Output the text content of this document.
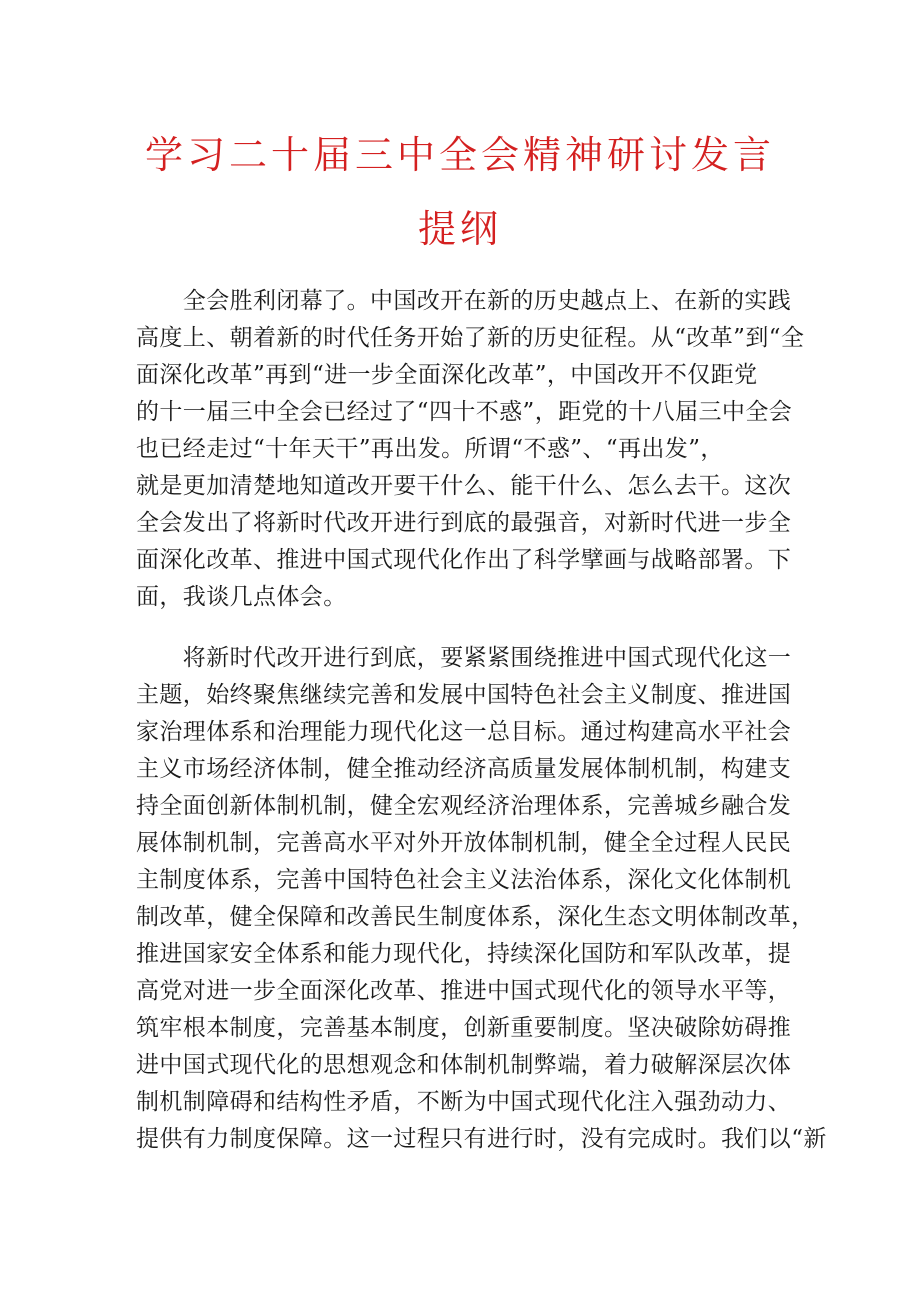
学习二十届三中全会精神研讨发言
提纲
　　全会胜利闭幕了。中国改开在新的历史越点上、在新的实践
高度上、朝着新的时代任务开始了新的历史征程。从“改革”到“全
面深化改革”再到“进一步全面深化改革”，中国改开不仅距党
的十一届三中全会已经过了“四十不惑”，距党的十八届三中全会
也已经走过“十年天干”再出发。所谓“不惑”、“再出发”，
就是更加清楚地知道改开要干什么、能干什么、怎么去干。这次
全会发出了将新时代改开进行到底的最强音，对新时代进一步全
面深化改革、推进中国式现代化作出了科学擘画与战略部署。下
面，我谈几点体会。
　　将新时代改开进行到底，要紧紧围绕推进中国式现代化这一
主题，始终聚焦继续完善和发展中国特色社会主义制度、推进国
家治理体系和治理能力现代化这一总目标。通过构建高水平社会
主义市场经济体制，健全推动经济高质量发展体制机制，构建支
持全面创新体制机制，健全宏观经济治理体系，完善城乡融合发
展体制机制，完善高水平对外开放体制机制，健全全过程人民民
主制度体系，完善中国特色社会主义法治体系，深化文化体制机
制改革，健全保障和改善民生制度体系，深化生态文明体制改革，
推进国家安全体系和能力现代化，持续深化国防和军队改革，提
高党对进一步全面深化改革、推进中国式现代化的领导水平等，
筑牢根本制度，完善基本制度，创新重要制度。坚决破除妨碍推
进中国式现代化的思想观念和体制机制弊端，着力破解深层次体
制机制障碍和结构性矛盾，不断为中国式现代化注入强劲动力、
提供有力制度保障。这一过程只有进行时，没有完成时。我们以“新
